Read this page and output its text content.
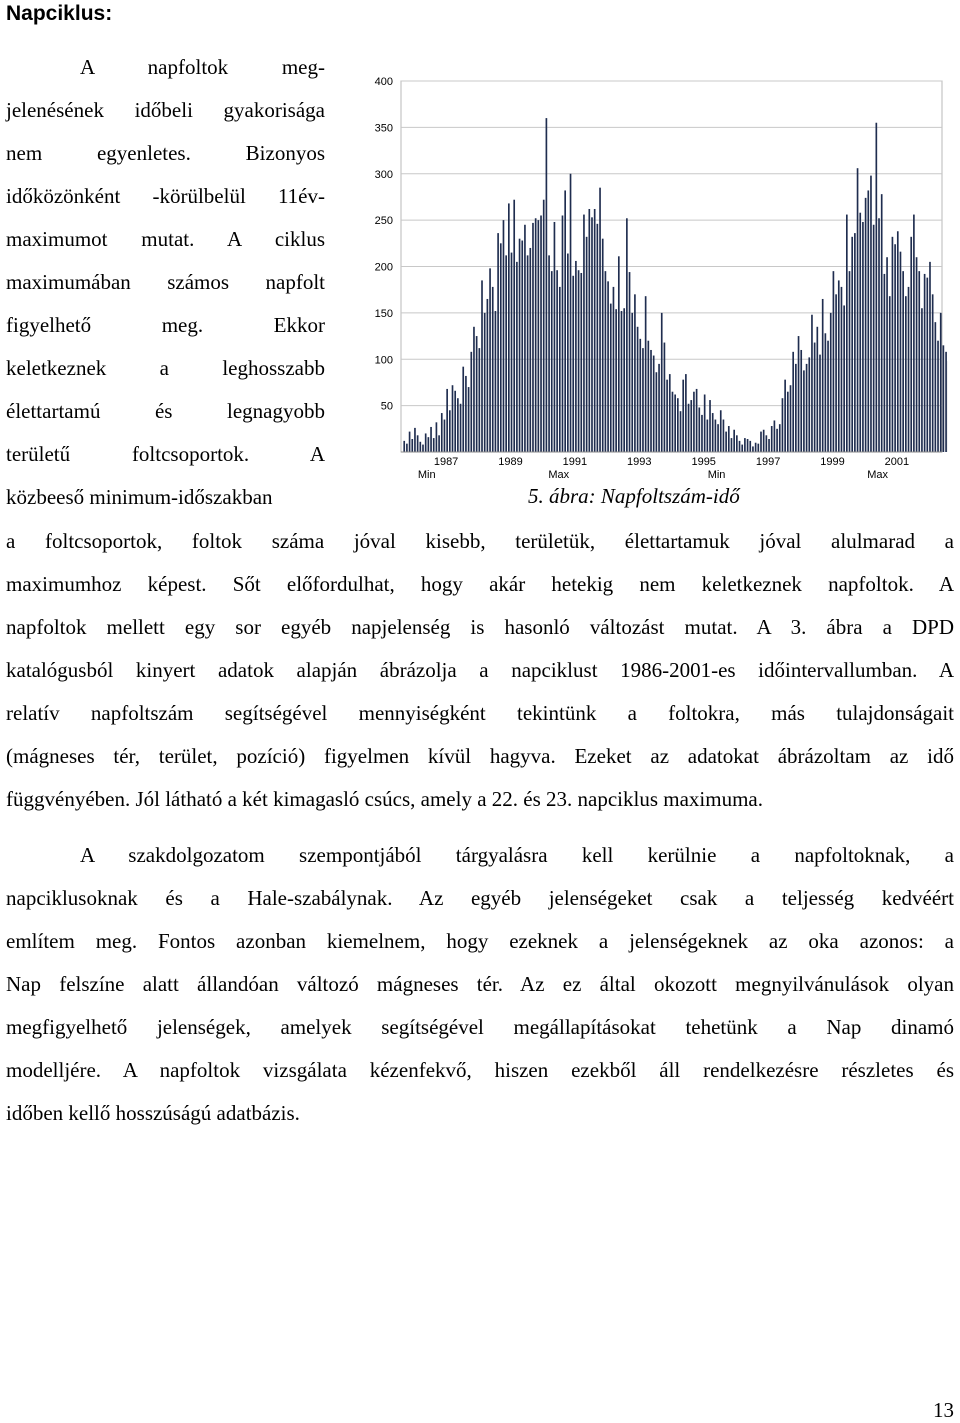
Napciklus:
A napfoltok meg-
jelenésének időbeli gyakorisága
nem egyenletes. Bizonyos
időközönként -körülbelül 11év-
maximumot mutat. A ciklus
maximumában számos napfolt
figyelhető meg. Ekkor
keletkeznek a leghosszabb
élettartamú és legnagyobb
területű foltcsoportok. A
közbeeső minimum-időszakban
50
100
150
200
250
300
350
400
1987	1989	1991	1993	1995	1997	1999	2001
Min	Max	Min	Max
5. ábra: Napfoltszám-idő
a foltcsoportok, foltok száma jóval kisebb, területük, élettartamuk jóval alulmarad a
maximumhoz képest. Sőt előfordulhat, hogy akár hetekig nem keletkeznek napfoltok. A
napfoltok mellett egy sor egyéb napjelenség is hasonló változást mutat. A 3. ábra a DPD
katalógusból kinyert adatok alapján ábrázolja a napciklust 1986-2001-es időintervallumban. A
relatív napfoltszám segítségével mennyiségként tekintünk a foltokra, más tulajdonságait
(mágneses tér, terület, pozíció) figyelmen kívül hagyva. Ezeket az adatokat ábrázoltam az idő
függvényében. Jól látható a két kimagasló csúcs, amely a 22. és 23. napciklus maximuma.
A szakdolgozatom szempontjából tárgyalásra kell kerülnie a napfoltoknak, a
napciklusoknak és a Hale-szabálynak. Az egyéb jelenségeket csak a teljesség kedvéért
említem meg. Fontos azonban kiemelnem, hogy ezeknek a jelenségeknek az oka azonos: a
Nap felszíne alatt állandóan változó mágneses tér. Az ez által okozott megnyilvánulások olyan
megfigyelhető jelenségek, amelyek segítségével megállapításokat tehetünk a Nap dinamó
modelljére. A napfoltok vizsgálata kézenfekvő, hiszen ezekből áll rendelkezésre részletes és
időben kellő hosszúságú adatbázis.
13
